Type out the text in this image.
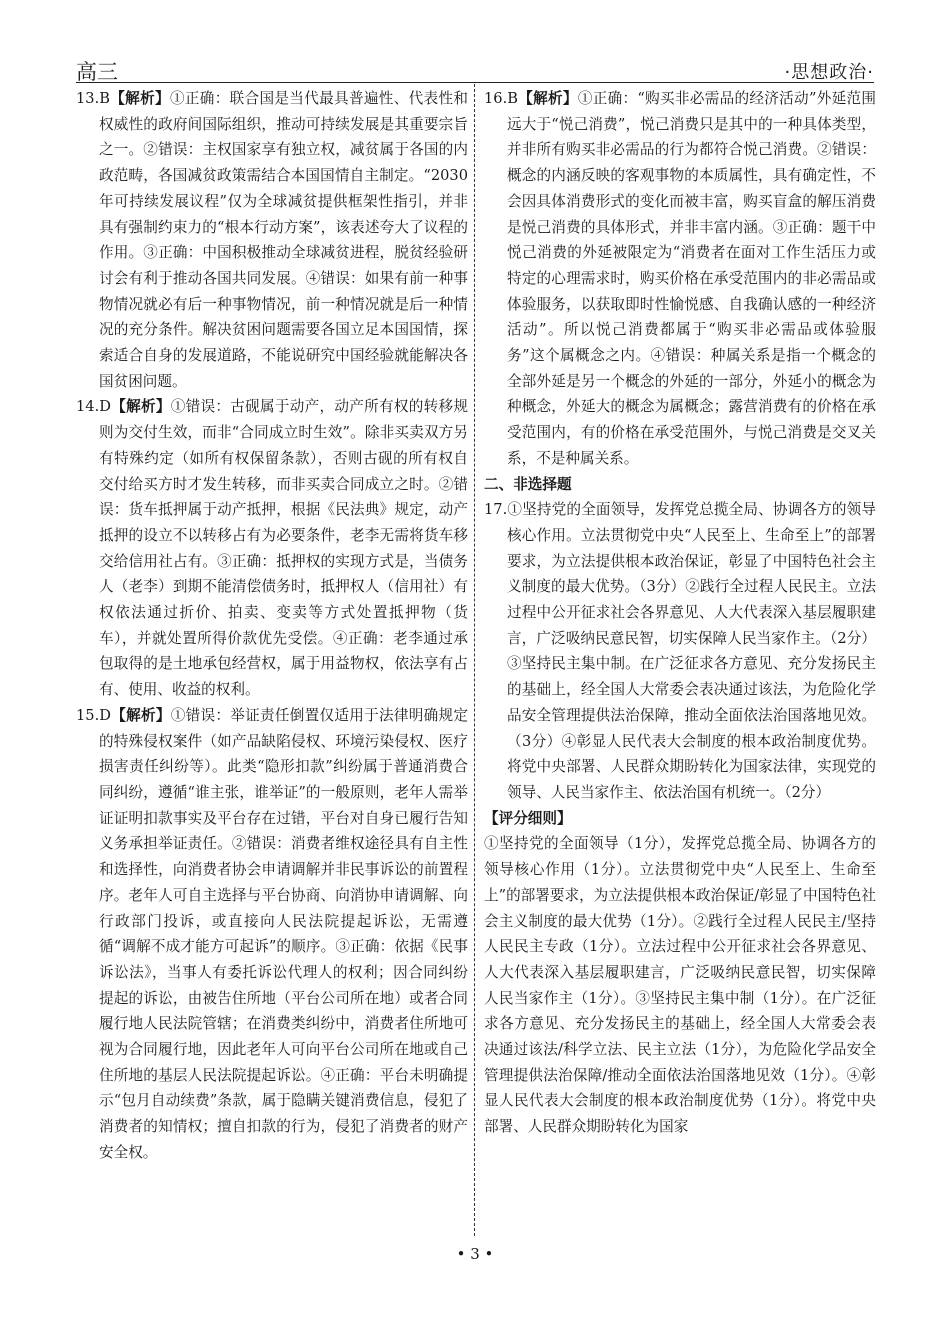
高三	·思想政治·

13.B【解析】①正确：联合国是当代最具普遍性、代表性和权威性的政府间国际组织，推动可持续发展是其重要宗旨之一。②错误：主权国家享有独立权，减贫属于各国的内政范畴，各国减贫政策需结合本国国情自主制定。“2030年可持续发展议程”仅为全球减贫提供框架性指引，并非具有强制约束力的“根本行动方案”，该表述夸大了议程的作用。③正确：中国积极推动全球减贫进程，脱贫经验研讨会有利于推动各国共同发展。④错误：如果有前一种事物情况就必有后一种事物情况，前一种情况就是后一种情况的充分条件。解决贫困问题需要各国立足本国国情，探索适合自身的发展道路，不能说研究中国经验就能解决各国贫困问题。

14.D【解析】①错误：古砚属于动产，动产所有权的转移规则为交付生效，而非“合同成立时生效”。除非买卖双方另有特殊约定（如所有权保留条款），否则古砚的所有权自交付给买方时才发生转移，而非买卖合同成立之时。②错误：货车抵押属于动产抵押，根据《民法典》规定，动产抵押的设立不以转移占有为必要条件，老李无需将货车移交给信用社占有。③正确：抵押权的实现方式是，当债务人（老李）到期不能清偿债务时，抵押权人（信用社）有权依法通过折价、拍卖、变卖等方式处置抵押物（货车），并就处置所得价款优先受偿。④正确：老李通过承包取得的是土地承包经营权，属于用益物权，依法享有占有、使用、收益的权利。

15.D【解析】①错误：举证责任倒置仅适用于法律明确规定的特殊侵权案件（如产品缺陷侵权、环境污染侵权、医疗损害责任纠纷等）。此类“隐形扣款”纠纷属于普通消费合同纠纷，遵循“谁主张，谁举证”的一般原则，老年人需举证证明扣款事实及平台存在过错，平台对自身已履行告知义务承担举证责任。②错误：消费者维权途径具有自主性和选择性，向消费者协会申请调解并非民事诉讼的前置程序。老年人可自主选择与平台协商、向消协申请调解、向行政部门投诉，或直接向人民法院提起诉讼，无需遵循“调解不成才能方可起诉”的顺序。③正确：依据《民事诉讼法》，当事人有委托诉讼代理人的权利；因合同纠纷提起的诉讼，由被告住所地（平台公司所在地）或者合同履行地人民法院管辖；在消费类纠纷中，消费者住所地可视为合同履行地，因此老年人可向平台公司所在地或自己住所地的基层人民法院提起诉讼。④正确：平台未明确提示“包月自动续费”条款，属于隐瞒关键消费信息，侵犯了消费者的知情权；擅自扣款的行为，侵犯了消费者的财产安全权。

16.B【解析】①正确：“购买非必需品的经济活动”外延范围远大于“悦己消费”，悦己消费只是其中的一种具体类型，并非所有购买非必需品的行为都符合悦己消费。②错误：概念的内涵反映的客观事物的本质属性，具有确定性，不会因具体消费形式的变化而被丰富，购买盲盒的解压消费是悦己消费的具体形式，并非丰富内涵。③正确：题干中悦己消费的外延被限定为“消费者在面对工作生活压力或特定的心理需求时，购买价格在承受范围内的非必需品或体验服务，以获取即时性愉悦感、自我确认感的一种经济活动”。所以悦己消费都属于“购买非必需品或体验服务”这个属概念之内。④错误：种属关系是指一个概念的全部外延是另一个概念的外延的一部分，外延小的概念为种概念，外延大的概念为属概念；露营消费有的价格在承受范围内，有的价格在承受范围外，与悦己消费是交叉关系，不是种属关系。

二、非选择题

17.①坚持党的全面领导，发挥党总揽全局、协调各方的领导核心作用。立法贯彻党中央“人民至上、生命至上”的部署要求，为立法提供根本政治保证，彰显了中国特色社会主义制度的最大优势。（3分）②践行全过程人民民主。立法过程中公开征求社会各界意见、人大代表深入基层履职建言，广泛吸纳民意民智，切实保障人民当家作主。（2分）③坚持民主集中制。在广泛征求各方意见、充分发扬民主的基础上，经全国人大常委会表决通过该法，为危险化学品安全管理提供法治保障，推动全面依法治国落地见效。（3分）④彰显人民代表大会制度的根本政治制度优势。将党中央部署、人民群众期盼转化为国家法律，实现党的领导、人民当家作主、依法治国有机统一。（2分）

【评分细则】

①坚持党的全面领导（1分），发挥党总揽全局、协调各方的领导核心作用（1分）。立法贯彻党中央“人民至上、生命至上”的部署要求，为立法提供根本政治保证/彰显了中国特色社会主义制度的最大优势（1分）。②践行全过程人民民主/坚持人民民主专政（1分）。立法过程中公开征求社会各界意见、人大代表深入基层履职建言，广泛吸纳民意民智，切实保障人民当家作主（1分）。③坚持民主集中制（1分）。在广泛征求各方意见、充分发扬民主的基础上，经全国人大常委会表决通过该法/科学立法、民主立法（1分），为危险化学品安全管理提供法治保障/推动全面依法治国落地见效（1分）。④彰显人民代表大会制度的根本政治制度优势（1分）。将党中央部署、人民群众期盼转化为国家

• 3 •
